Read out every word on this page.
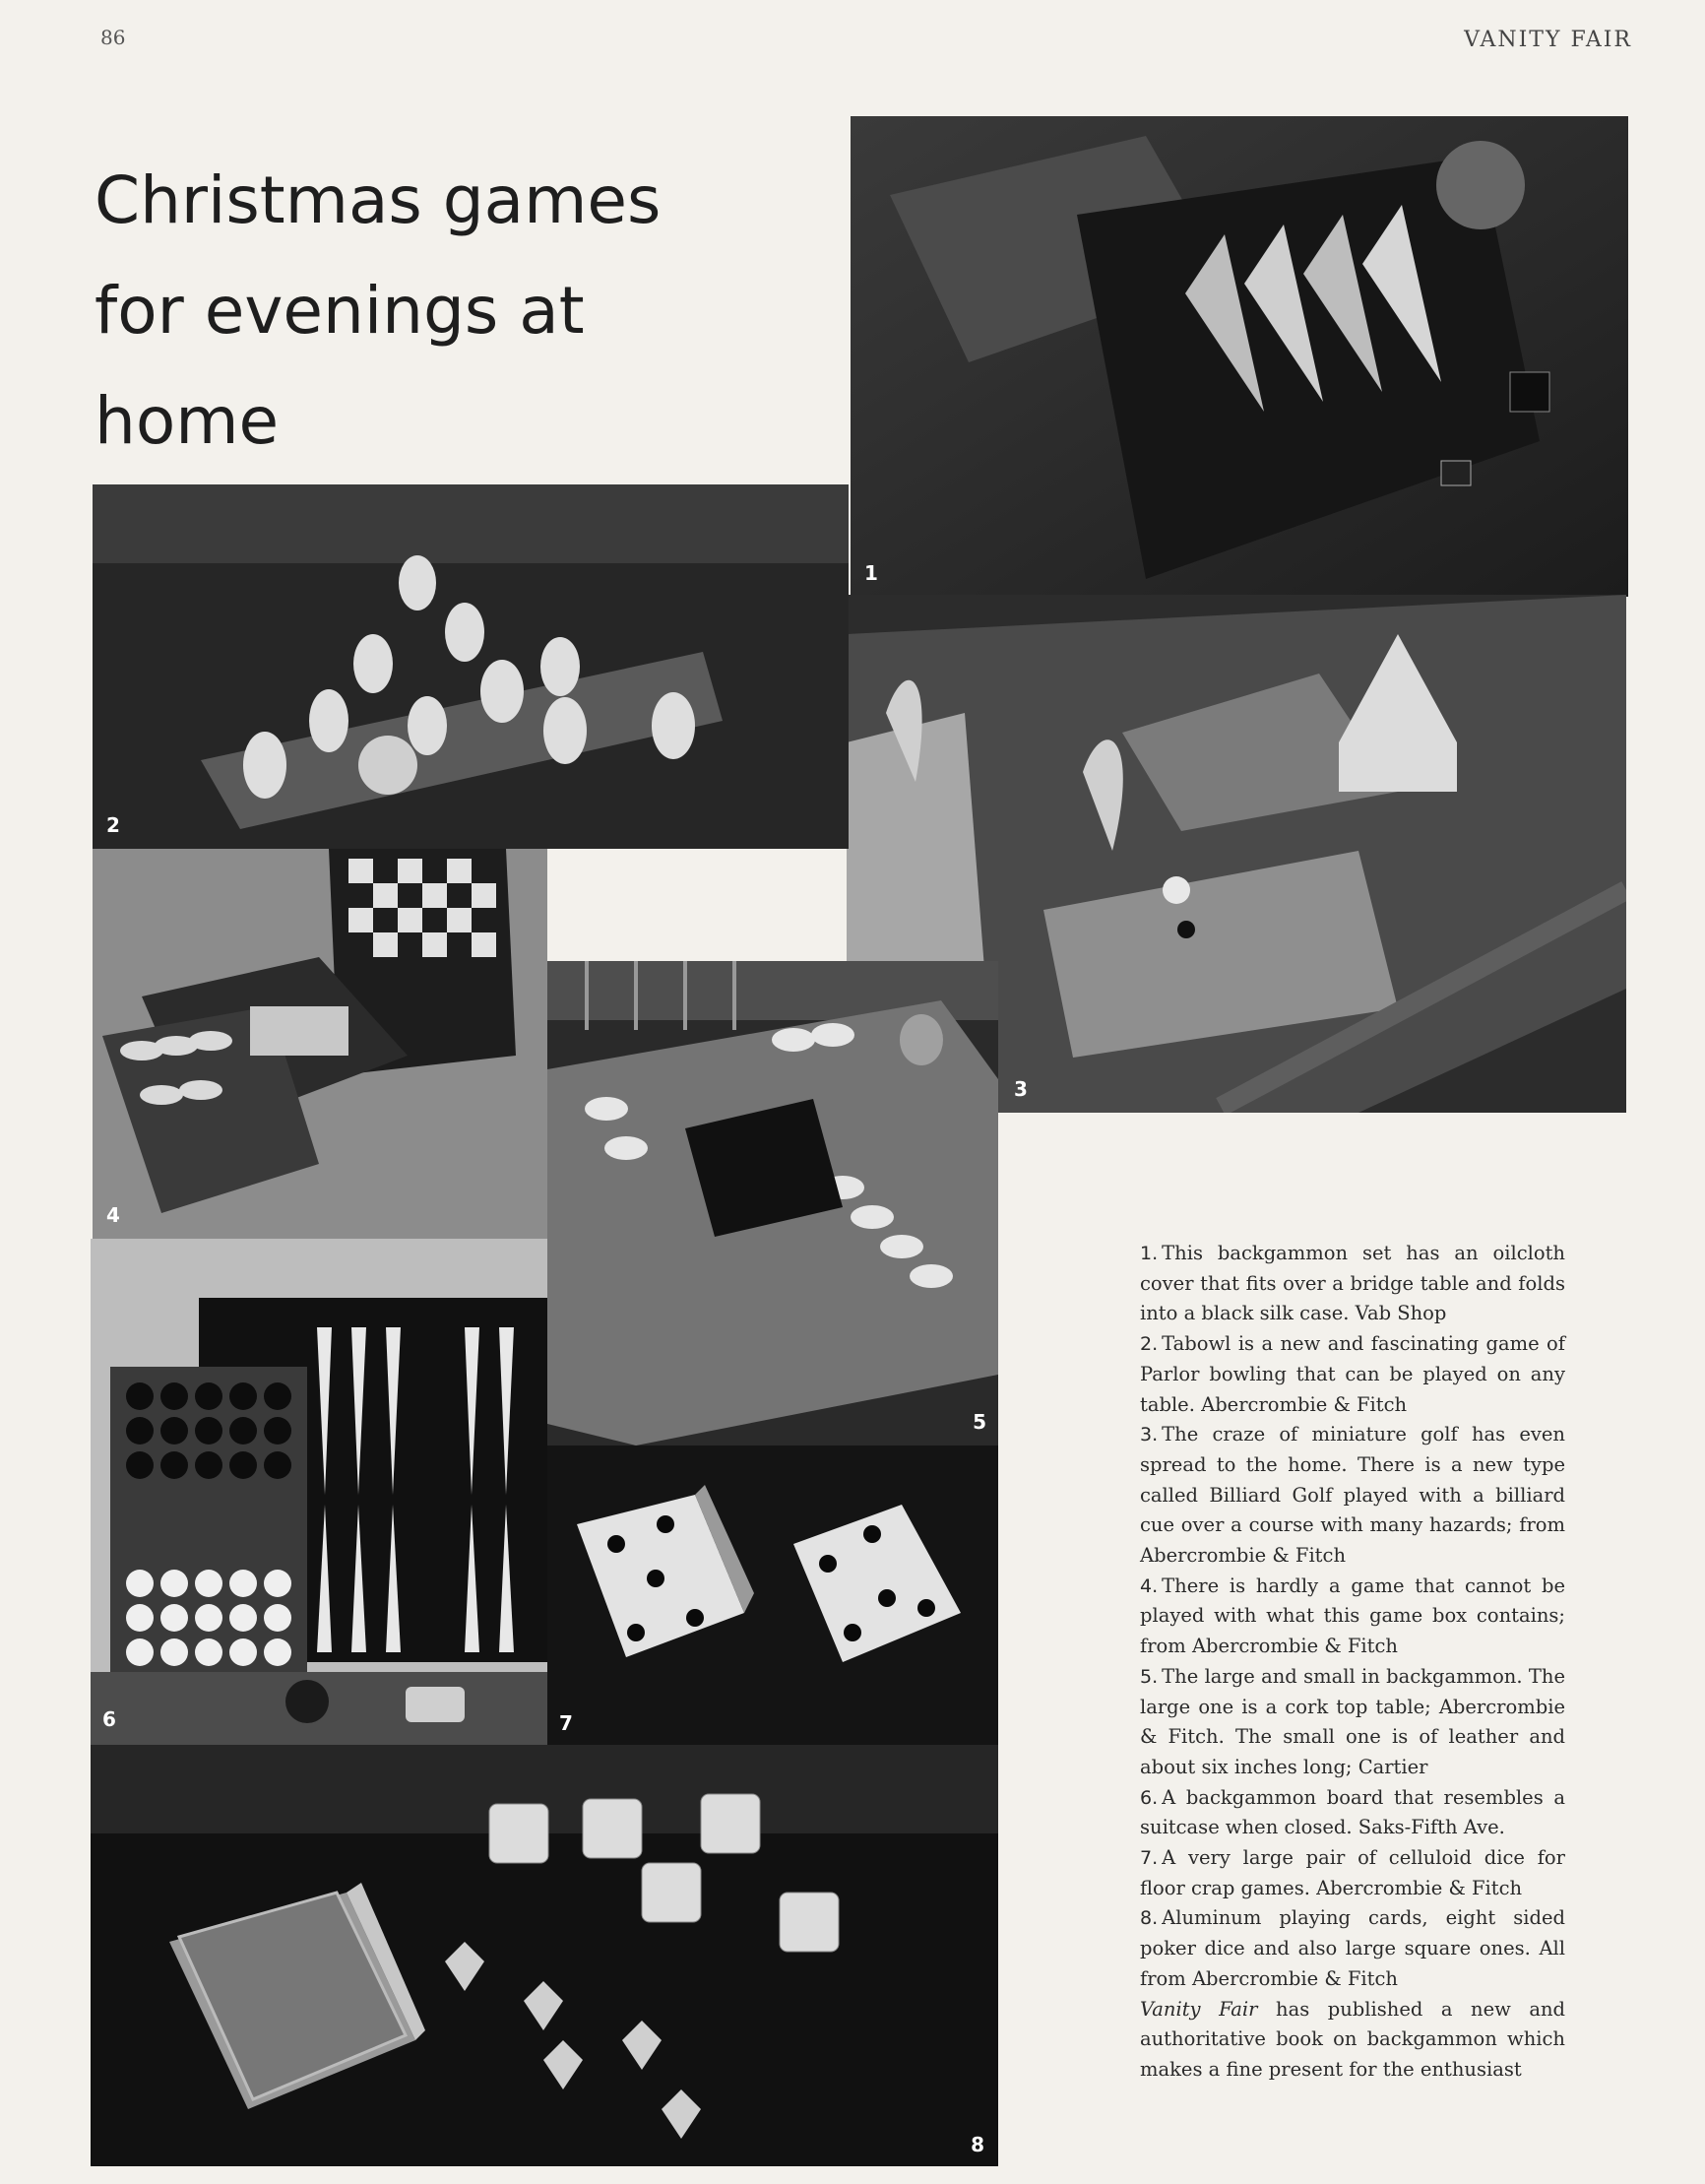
86	VANITY FAIR
Christmas games
for evenings at home
1
3
2
4
5
6	7
8

1. This backgammon set has an oilcloth cover that fits over a bridge table and folds into a black silk case. Vab Shop

2. Tabowl is a new and fascinating game of Parlor bowling that can be played on any table. Abercrombie & Fitch

3. The craze of miniature golf has even spread to the home. There is a new type called Billiard Golf played with a billiard cue over a course with many hazards; from Abercrombie & Fitch

4. There is hardly a game that cannot be played with what this game box contains; from Abercrombie & Fitch

5. The large and small in backgammon. The large one is a cork top table; Abercrombie & Fitch. The small one is of leather and about six inches long; Cartier

6. A backgammon board that resembles a suitcase when closed. Saks-Fifth Ave.

7. A very large pair of celluloid dice for floor crap games. Abercrombie & Fitch

8. Aluminum playing cards, eight sided poker dice and also large square ones. All from Abercrombie & Fitch

Vanity Fair has published a new and authoritative book on backgammon which makes a fine present for the enthusiast
